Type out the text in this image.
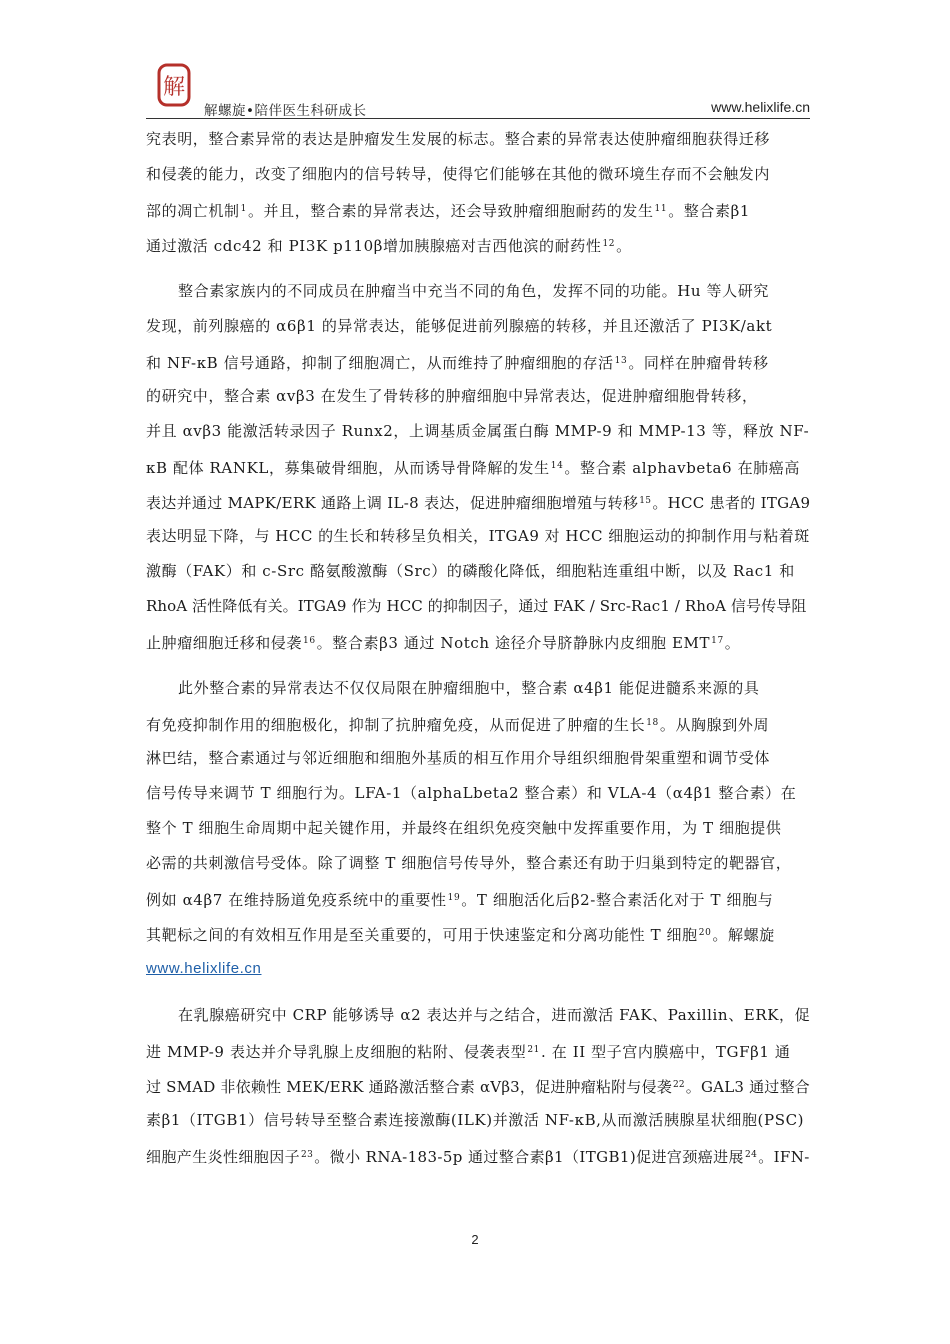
解
解螺旋•陪伴医生科研成长	www.helixlife.cn
究表明，整合素异常的表达是肿瘤发生发展的标志。整合素的异常表达使肿瘤细胞获得迁移
和侵袭的能力，改变了细胞内的信号转导，使得它们能够在其他的微环境生存而不会触发内
部的凋亡机制$^1$。并且，整合素的异常表达，还会导致肿瘤细胞耐药的发生$^{11}$。整合素β1
通过激活 cdc42 和 PI3K p110β增加胰腺癌对吉西他滨的耐药性$^{12}$。
整合素家族内的不同成员在肿瘤当中充当不同的角色，发挥不同的功能。Hu 等人研究
发现，前列腺癌的 α6β1 的异常表达，能够促进前列腺癌的转移，并且还激活了 PI3K/akt
和 NF-κB 信号通路，抑制了细胞凋亡，从而维持了肿瘤细胞的存活$^{13}$。同样在肿瘤骨转移
的研究中，整合素 αvβ3 在发生了骨转移的肿瘤细胞中异常表达，促进肿瘤细胞骨转移，
并且 αvβ3 能激活转录因子 Runx2，上调基质金属蛋白酶 MMP-9 和 MMP-13 等，释放 NF-
κB 配体 RANKL，募集破骨细胞，从而诱导骨降解的发生$^{14}$。整合素 alphavbeta6 在肺癌高
表达并通过 MAPK/ERK 通路上调 IL-8 表达，促进肿瘤细胞增殖与转移$^{15}$。HCC 患者的 ITGA9
表达明显下降，与 HCC 的生长和转移呈负相关，ITGA9 对 HCC 细胞运动的抑制作用与粘着斑
激酶（FAK）和 c-Src 酪氨酸激酶（Src）的磷酸化降低，细胞粘连重组中断，以及 Rac1 和
RhoA 活性降低有关。ITGA9 作为 HCC 的抑制因子，通过 FAK / Src-Rac1 / RhoA 信号传导阻
止肿瘤细胞迁移和侵袭$^{16}$。整合素β3 通过 Notch 途径介导脐静脉内皮细胞 EMT$^{17}$。
此外整合素的异常表达不仅仅局限在肿瘤细胞中，整合素 α4β1 能促进髓系来源的具
有免疫抑制作用的细胞极化，抑制了抗肿瘤免疫，从而促进了肿瘤的生长$^{18}$。从胸腺到外周
淋巴结，整合素通过与邻近细胞和细胞外基质的相互作用介导组织细胞骨架重塑和调节受体
信号传导来调节 T 细胞行为。LFA-1（alphaLbeta2 整合素）和 VLA-4（α4β1 整合素）在
整个 T 细胞生命周期中起关键作用，并最终在组织免疫突触中发挥重要作用，为 T 细胞提供
必需的共刺激信号受体。除了调整 T 细胞信号传导外，整合素还有助于归巢到特定的靶器官，
例如 α4β7 在维持肠道免疫系统中的重要性$^{19}$。T 细胞活化后β2-整合素活化对于 T 细胞与
其靶标之间的有效相互作用是至关重要的，可用于快速鉴定和分离功能性 T 细胞$^{20}$。解螺旋
www.helixlife.cn
在乳腺癌研究中 CRP 能够诱导 α2 表达并与之结合，进而激活 FAK、Paxillin、ERK，促
进 MMP-9 表达并介导乳腺上皮细胞的粘附、侵袭表型$^{21}$. 在 II 型子宫内膜癌中，TGFβ1 通
过 SMAD 非依赖性 MEK/ERK 通路激活整合素 αVβ3，促进肿瘤粘附与侵袭$^{22}$。GAL3 通过整合
素β1（ITGB1）信号转导至整合素连接激酶(ILK)并激活 NF-κB,从而激活胰腺星状细胞(PSC)
细胞产生炎性细胞因子$^{23}$。微小 RNA-183-5p 通过整合素β1（ITGB1)促进宫颈癌进展$^{24}$。IFN-
2
